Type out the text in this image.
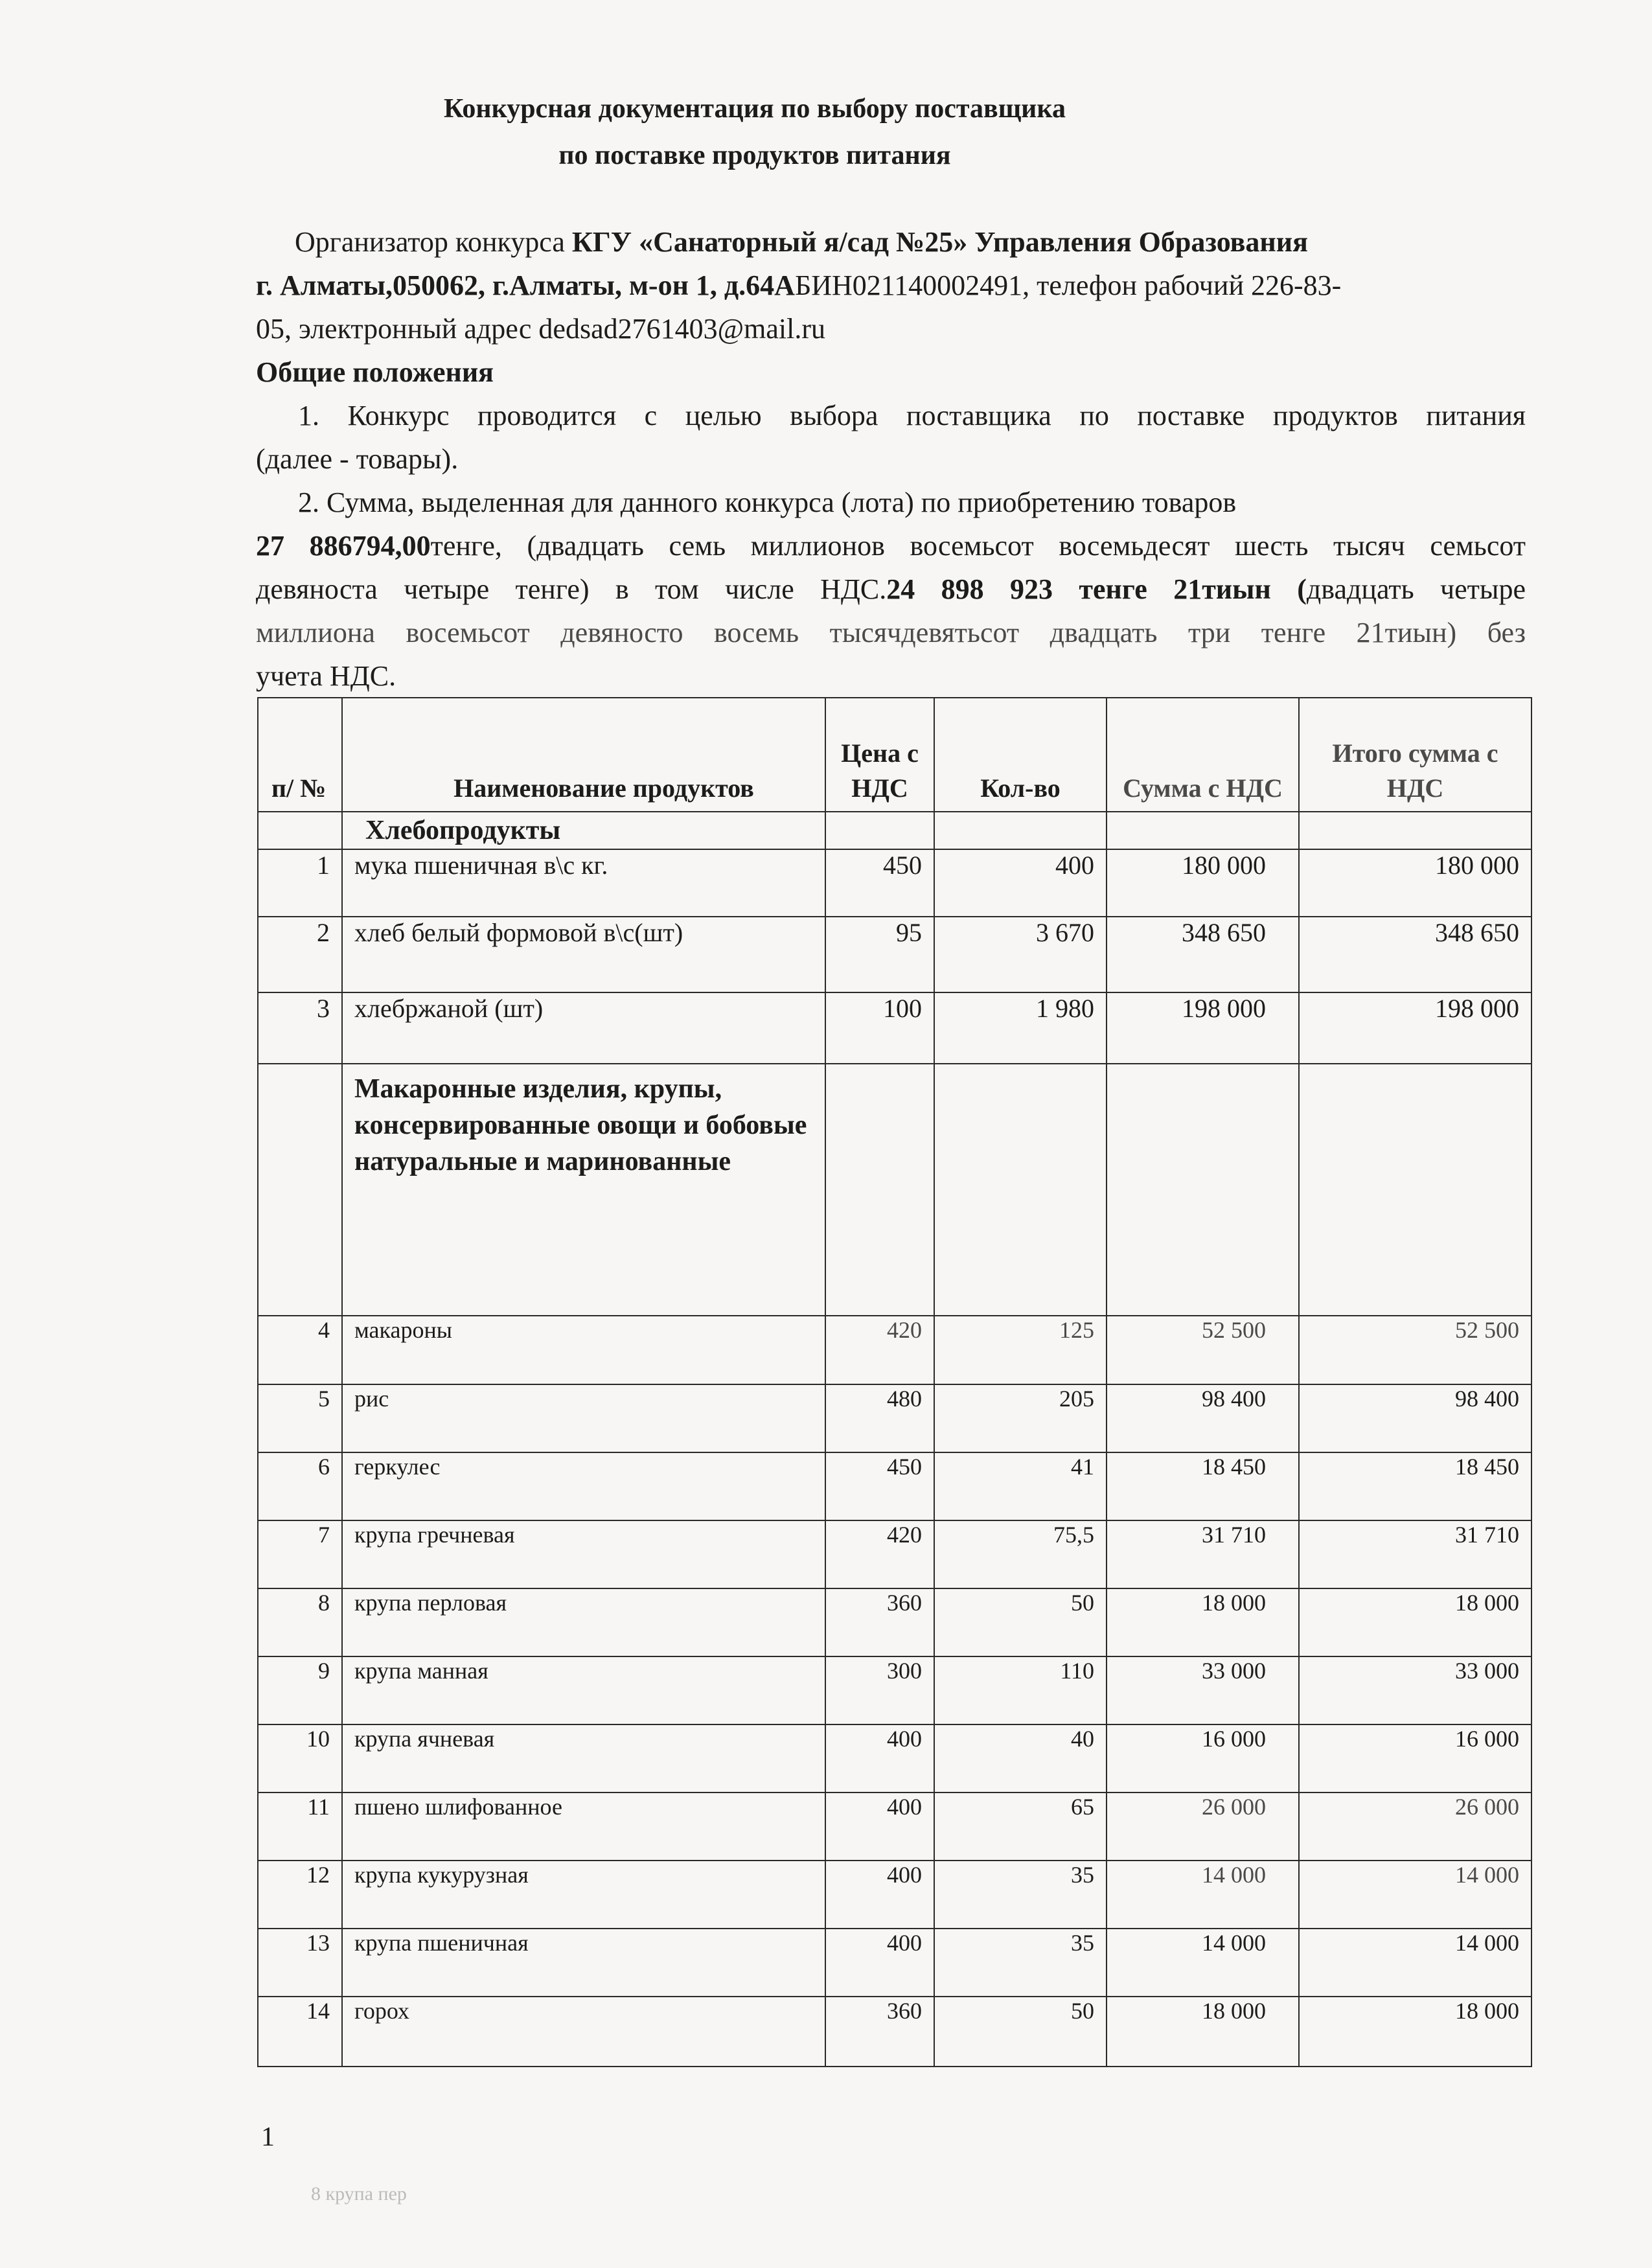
Конкурсная документация по выбору поставщика
по поставке продуктов питания
Организатор конкурса КГУ «Санаторный я/сад №25» Управления Образования
г. Алматы,050062, г.Алматы, м-он 1, д.64АБИН021140002491, телефон рабочий 226-83-
05, электронный адрес dedsad2761403@mail.ru
Общие положения
1. Конкурс проводится с целью выбора поставщика по поставке продуктов питания
(далее - товары).
2. Сумма, выделенная для данного конкурса (лота) по приобретению товаров
27 886794,00тенге, (двадцать семь миллионов восемьсот восемьдесят шесть тысяч семьсот
девяноста четыре тенге) в том числе НДС.24 898 923 тенге 21тиын (двадцать четыре
миллиона восемьсот девяносто восемь тысячдевятьсот двадцать три тенге 21тиын) без
учета НДС.
п/ №	Наименование продуктов	Цена с НДС	Кол-во	Сумма с НДС	Итого сумма с НДС
	Хлебопродукты				
1	мука пшеничная в\с кг.	450	400	180 000	180 000
2	хлеб белый формовой в\с(шт)	95	3 670	348 650	348 650
3	хлебржаной (шт)	100	1 980	198 000	198 000
	Макаронные изделия, крупы, консервированные овощи и бобовые натуральные и маринованные				
4	макароны	420	125	52 500	52 500
5	рис	480	205	98 400	98 400
6	геркулес	450	41	18 450	18 450
7	крупа гречневая	420	75,5	31 710	31 710
8	крупа перловая	360	50	18 000	18 000
9	крупа манная	300	110	33 000	33 000
10	крупа ячневая	400	40	16 000	16 000
11	пшено шлифованное	400	65	26 000	26 000
12	крупа кукурузная	400	35	14 000	14 000
13	крупа пшеничная	400	35	14 000	14 000
14	горох	360	50	18 000	18 000
1
8 крупа пер
